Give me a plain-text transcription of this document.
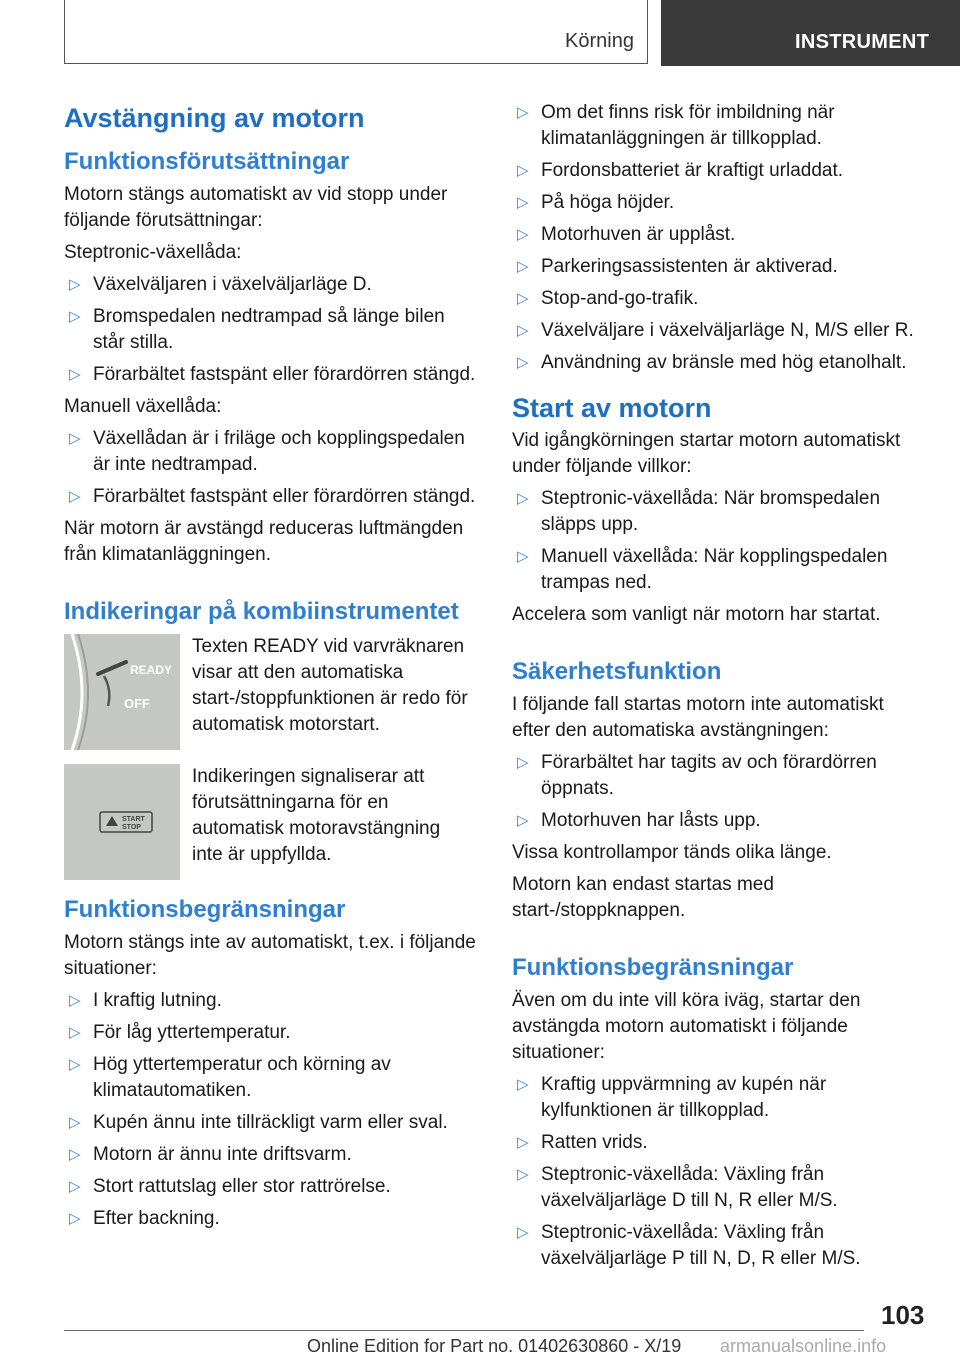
Körning	INSTRUMENT
Avstängning av motorn
Funktionsförutsättningar

Motorn stängs automatiskt av vid stopp under följande förutsättningar:

Steptronic-växellåda:

▷ Växelväljaren i växelväljarläge D.
▷ Bromspedalen nedtrampad så länge bilen står stilla.
▷ Förarbältet fastspänt eller förardörren stängd.

Manuell växellåda:

▷ Växellådan är i friläge och kopplingspedalen är inte nedtrampad.
▷ Förarbältet fastspänt eller förardörren stängd.

När motorn är avstängd reduceras luftmängden från klimatanläggningen.

Indikeringar på kombiinstrumentet
READY
OFF

Texten READY vid varvräknaren visar att den automatiska start-/stoppfunktionen är redo för automatisk motorstart.

START
STOP

Indikeringen signaliserar att förutsättningarna för en automatisk motoravstängning inte är uppfyllda.

Funktionsbegränsningar

Motorn stängs inte av automatiskt, t.ex. i följande situationer:

▷ I kraftig lutning.
▷ För låg yttertemperatur.
▷ Hög yttertemperatur och körning av klimatautomatiken.
▷ Kupén ännu inte tillräckligt varm eller sval.
▷ Motorn är ännu inte driftsvarm.
▷ Stort rattutslag eller stor rattrörelse.
▷ Efter backning.
▷ Om det finns risk för imbildning när klimatanläggningen är tillkopplad.
▷ Fordonsbatteriet är kraftigt urladdat.
▷ På höga höjder.
▷ Motorhuven är upplåst.
▷ Parkeringsassistenten är aktiverad.
▷ Stop-and-go-trafik.
▷ Växelväljare i växelväljarläge N, M/S eller R.
▷ Användning av bränsle med hög etanolhalt.
Start av motorn

Vid igångkörningen startar motorn automatiskt under följande villkor:

▷ Steptronic-växellåda: När bromspedalen släpps upp.
▷ Manuell växellåda: När kopplingspedalen trampas ned.

Accelera som vanligt när motorn har startat.

Säkerhetsfunktion

I följande fall startas motorn inte automatiskt efter den automatiska avstängningen:

▷ Förarbältet har tagits av och förardörren öppnats.
▷ Motorhuven har låsts upp.

Vissa kontrollampor tänds olika länge.

Motorn kan endast startas med start-/stoppknappen.

Funktionsbegränsningar

Även om du inte vill köra iväg, startar den avstängda motorn automatiskt i följande situationer:

▷ Kraftig uppvärmning av kupén när kylfunktionen är tillkopplad.
▷ Ratten vrids.
▷ Steptronic-växellåda: Växling från växelväljarläge D till N, R eller M/S.
▷ Steptronic-växellåda: Växling från växelväljarläge P till N, D, R eller M/S.
103
Online Edition for Part no. 01402630860 - X/19 armanualsonline.info
